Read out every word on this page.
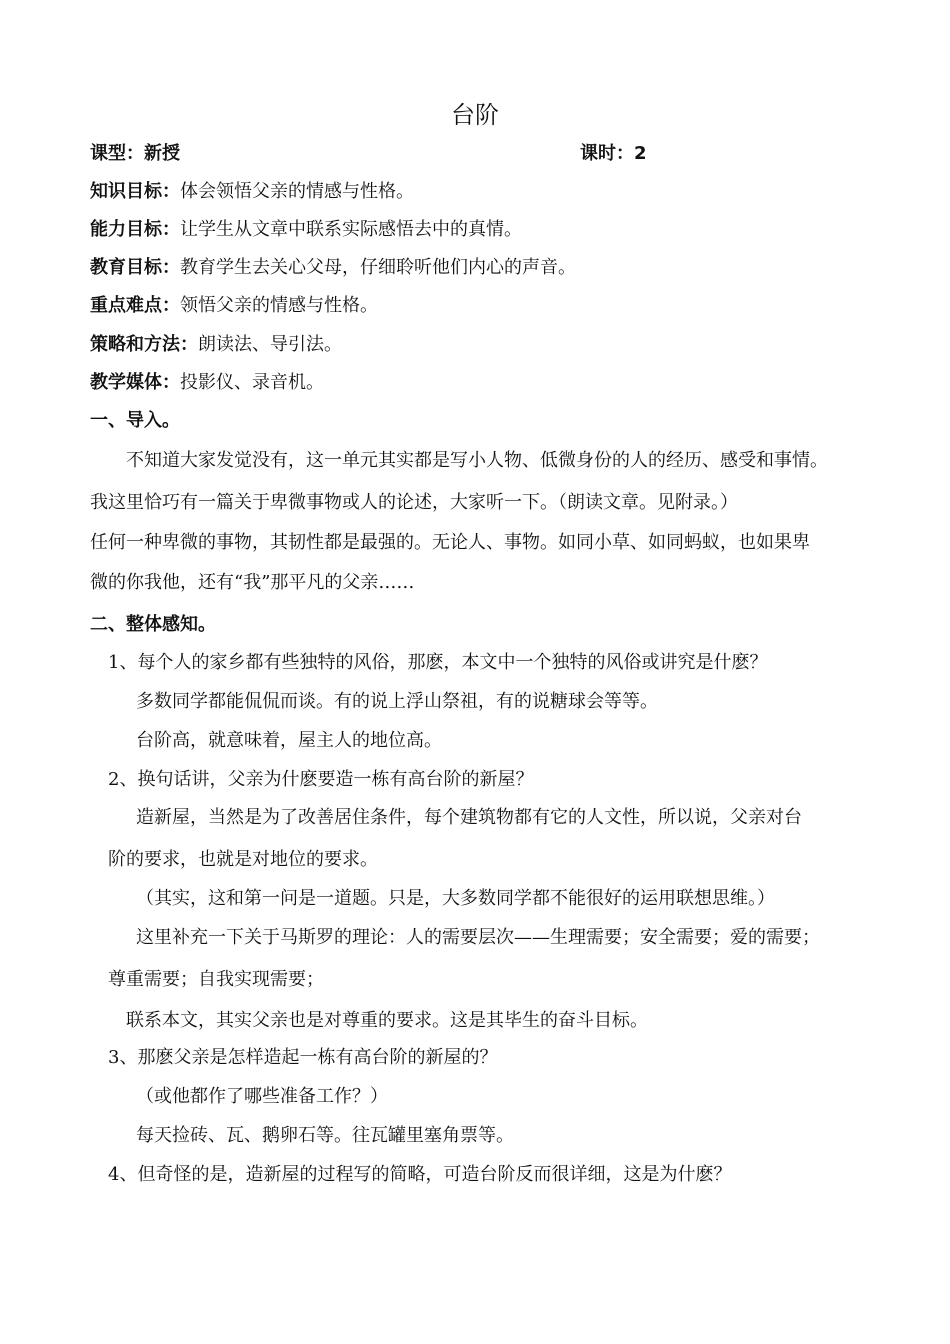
台阶
课型：新授	课时：2
知识目标：体会领悟父亲的情感与性格。
能力目标：让学生从文章中联系实际感悟去中的真情。
教育目标：教育学生去关心父母，仔细聆听他们内心的声音。
重点难点：领悟父亲的情感与性格。
策略和方法：朗读法、导引法。
教学媒体：投影仪、录音机。
一、导入。
不知道大家发觉没有，这一单元其实都是写小人物、低微身份的人的经历、感受和事情。
我这里恰巧有一篇关于卑微事物或人的论述，大家听一下。（朗读文章。见附录。）
任何一种卑微的事物，其韧性都是最强的。无论人、事物。如同小草、如同蚂蚁，也如果卑
微的你我他，还有“我”那平凡的父亲……
二、整体感知。
1、每个人的家乡都有些独特的风俗，那麽，本文中一个独特的风俗或讲究是什麽？
多数同学都能侃侃而谈。有的说上浮山祭祖，有的说糖球会等等。
台阶高，就意味着，屋主人的地位高。
2、换句话讲，父亲为什麽要造一栋有高台阶的新屋？
造新屋，当然是为了改善居住条件，每个建筑物都有它的人文性，所以说，父亲对台
阶的要求，也就是对地位的要求。
（其实，这和第一问是一道题。只是，大多数同学都不能很好的运用联想思维。）
这里补充一下关于马斯罗的理论：人的需要层次——生理需要；安全需要；爱的需要；
尊重需要；自我实现需要；
联系本文，其实父亲也是对尊重的要求。这是其毕生的奋斗目标。
3、那麽父亲是怎样造起一栋有高台阶的新屋的？
（或他都作了哪些准备工作？）
每天捡砖、瓦、鹅卵石等。往瓦罐里塞角票等。
4、但奇怪的是，造新屋的过程写的简略，可造台阶反而很详细，这是为什麽？
